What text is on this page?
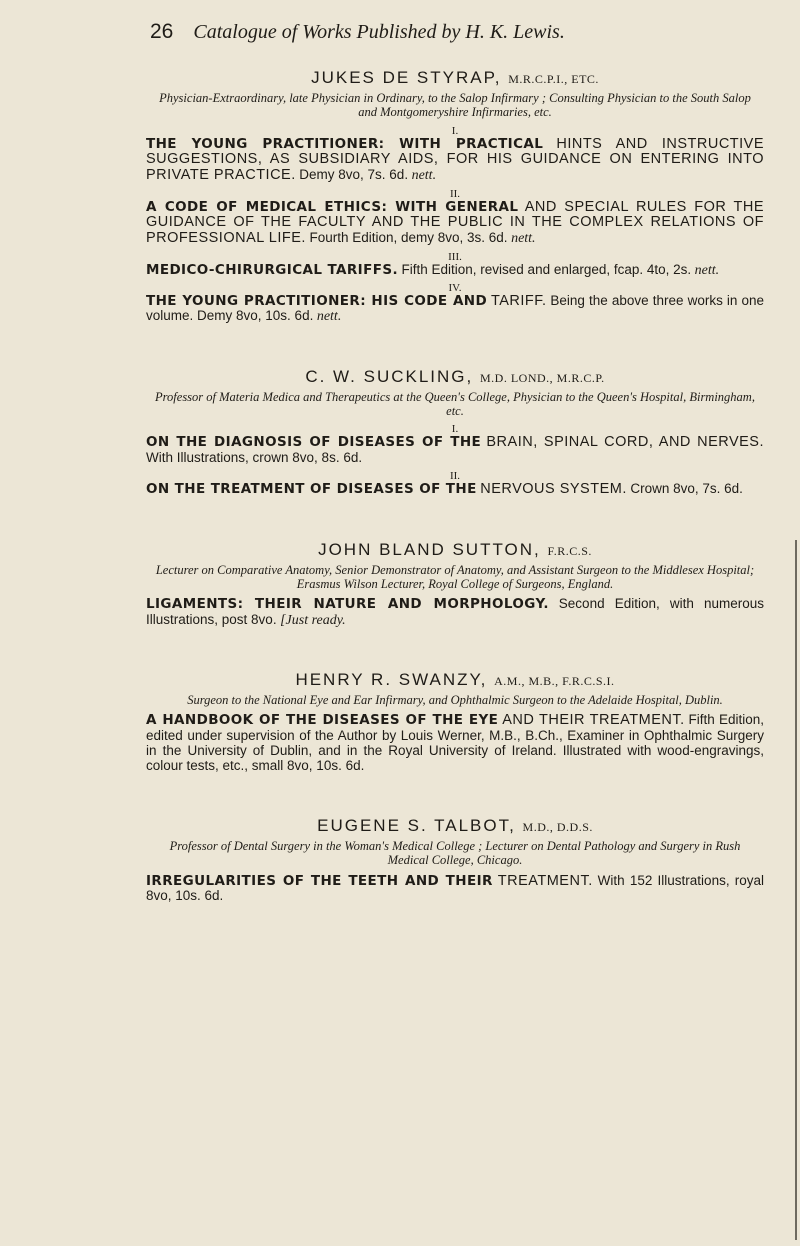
26 Catalogue of Works Published by H. K. Lewis.
JUKES DE STYRAP, M.R.C.P.I., ETC.
Physician-Extraordinary, late Physician in Ordinary, to the Salop Infirmary ; Consulting Physician to the South Salop and Montgomeryshire Infirmaries, etc.
I.
THE YOUNG PRACTITIONER: WITH PRACTICAL HINTS AND INSTRUCTIVE SUGGESTIONS, AS SUBSIDIARY AIDS, FOR HIS GUIDANCE ON ENTERING INTO PRIVATE PRACTICE. Demy 8vo, 7s. 6d. nett.
II.
A CODE OF MEDICAL ETHICS: WITH GENERAL AND SPECIAL RULES FOR THE GUIDANCE OF THE FACULTY AND THE PUBLIC IN THE COMPLEX RELATIONS OF PROFESSIONAL LIFE. Fourth Edition, demy 8vo, 3s. 6d. nett.
III.
MEDICO-CHIRURGICAL TARIFFS. Fifth Edition, revised and enlarged, fcap. 4to, 2s. nett.
IV.
THE YOUNG PRACTITIONER: HIS CODE AND TARIFF. Being the above three works in one volume. Demy 8vo, 10s. 6d. nett.
C. W. SUCKLING, M.D. LOND., M.R.C.P.
Professor of Materia Medica and Therapeutics at the Queen's College, Physician to the Queen's Hospital, Birmingham, etc.
I.
ON THE DIAGNOSIS OF DISEASES OF THE BRAIN, SPINAL CORD, AND NERVES. With Illustrations, crown 8vo, 8s. 6d.
II.
ON THE TREATMENT OF DISEASES OF THE NERVOUS SYSTEM. Crown 8vo, 7s. 6d.
JOHN BLAND SUTTON, F.R.C.S.
Lecturer on Comparative Anatomy, Senior Demonstrator of Anatomy, and Assistant Surgeon to the Middlesex Hospital; Erasmus Wilson Lecturer, Royal College of Surgeons, England.
LIGAMENTS: THEIR NATURE AND MORPHOLOGY. Second Edition, with numerous Illustrations, post 8vo. [Just ready.
HENRY R. SWANZY, A.M., M.B., F.R.C.S.I.
Surgeon to the National Eye and Ear Infirmary, and Ophthalmic Surgeon to the Adelaide Hospital, Dublin.
A HANDBOOK OF THE DISEASES OF THE EYE AND THEIR TREATMENT. Fifth Edition, edited under supervision of the Author by Louis Werner, M.B., B.Ch., Examiner in Ophthalmic Surgery in the University of Dublin, and in the Royal University of Ireland. Illustrated with wood-engravings, colour tests, etc., small 8vo, 10s. 6d.
EUGENE S. TALBOT, M.D., D.D.S.
Professor of Dental Surgery in the Woman's Medical College ; Lecturer on Dental Pathology and Surgery in Rush Medical College, Chicago.
IRREGULARITIES OF THE TEETH AND THEIR TREATMENT. With 152 Illustrations, royal 8vo, 10s. 6d.
